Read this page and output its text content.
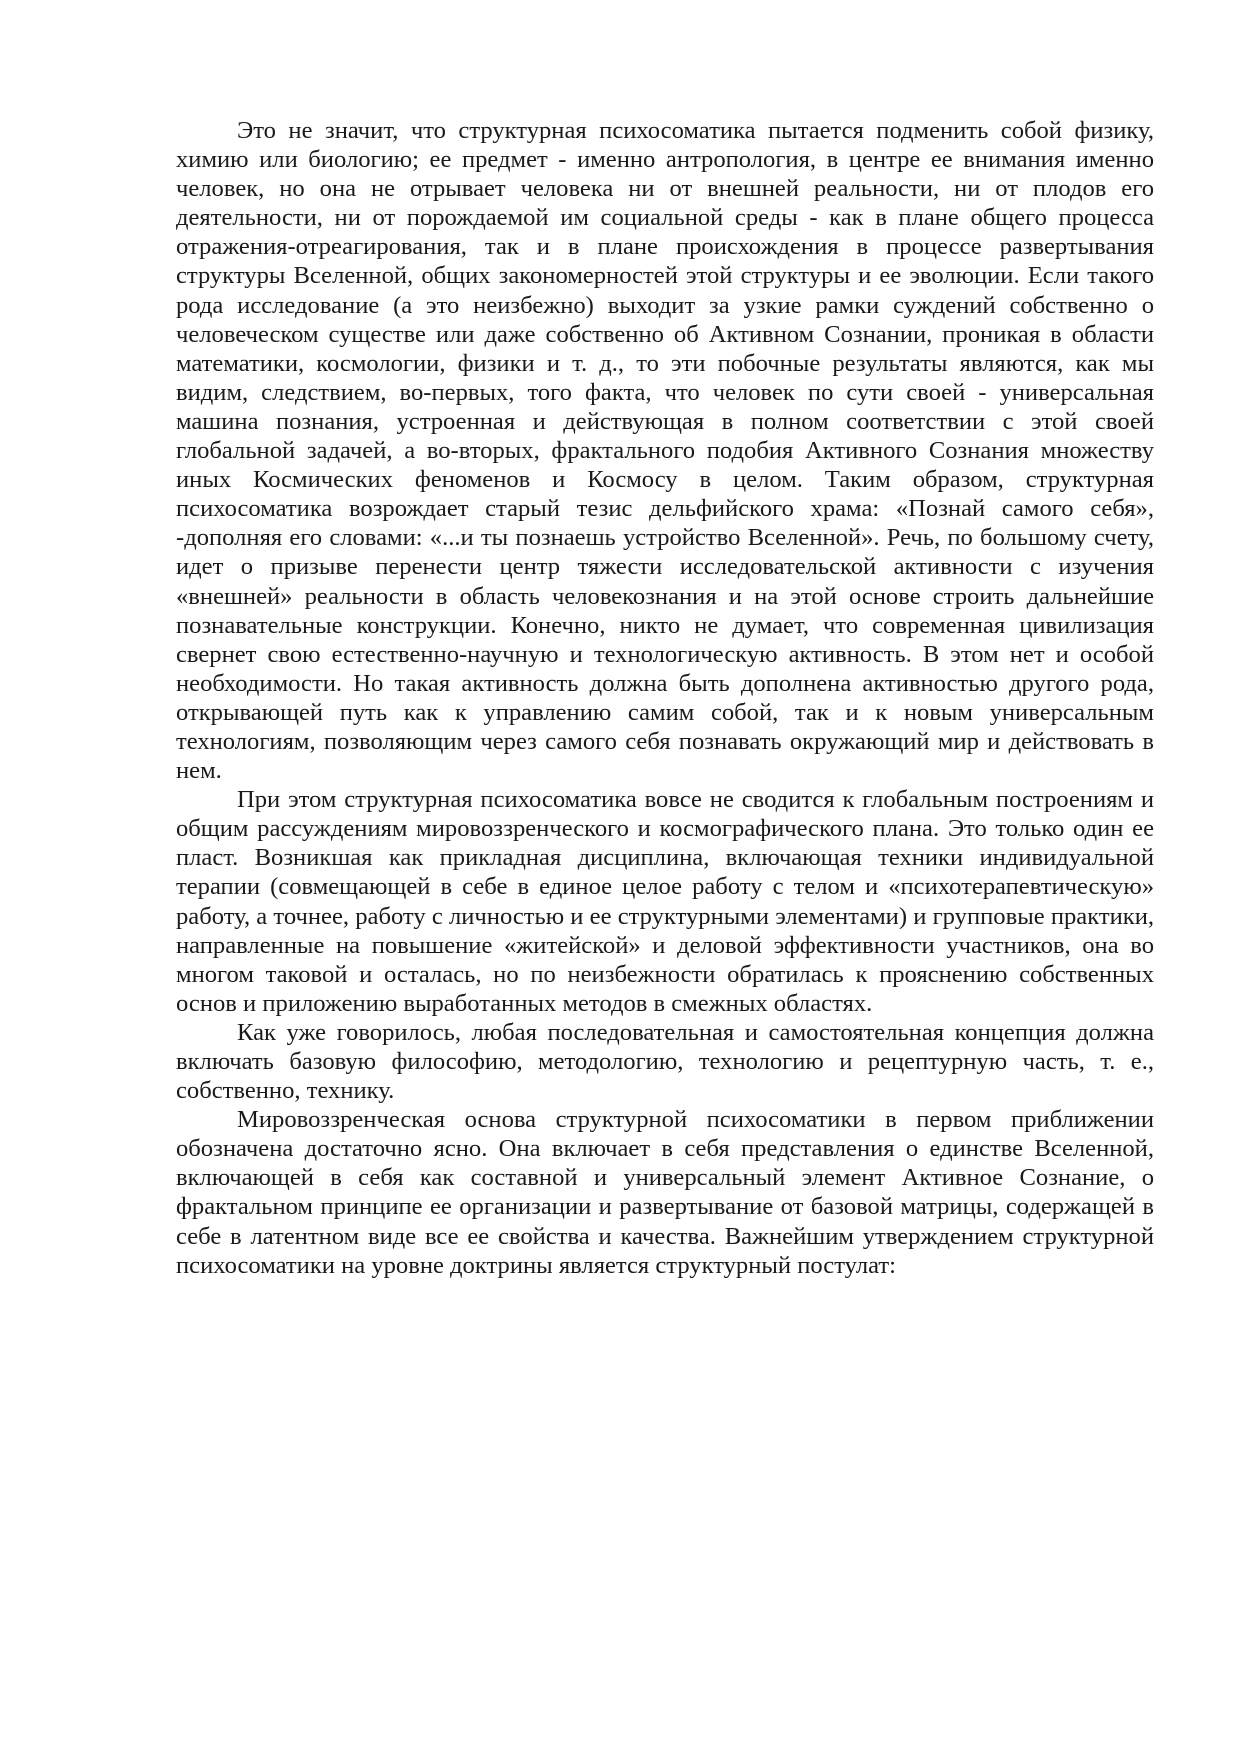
Это не значит, что структурная психосоматика пытается подменить собой физику, химию или биологию; ее предмет - именно антропология, в центре ее внимания именно человек, но она не отрывает человека ни от внешней реальности, ни от плодов его деятельности, ни от порождаемой им социальной среды - как в плане общего процесса отражения-отреагирования, так и в плане происхождения в процессе развертывания структуры Вселенной, общих закономерностей этой структуры и ее эволюции. Если такого рода исследование (а это неизбежно) выходит за узкие рамки суждений собственно о человеческом существе или даже собственно об Активном Сознании, проникая в области математики, космологии, физики и т. д., то эти побочные результаты являются, как мы видим, следствием, во-первых, того факта, что человек по сути своей - универсальная машина познания, устроенная и действующая в полном соответствии с этой своей глобальной задачей, а во-вторых, фрактального подобия Активного Сознания множеству иных Космических феноменов и Космосу в целом. Таким образом, структурная психосоматика возрождает старый тезис дельфийского храма: «Познай самого себя», -дополняя его словами: «...и ты познаешь устройство Вселенной». Речь, по большому счету, идет о призыве перенести центр тяжести исследовательской активности с изучения «внешней» реальности в область человекознания и на этой основе строить дальнейшие познавательные конструкции. Конечно, никто не думает, что современная цивилизация свернет свою естественно-научную и технологическую активность. В этом нет и особой необходимости. Но такая активность должна быть дополнена активностью другого рода, открывающей путь как к управлению самим собой, так и к новым универсальным технологиям, позволяющим через самого себя познавать окружающий мир и действовать в нем.

При этом структурная психосоматика вовсе не сводится к глобальным построениям и общим рассуждениям мировоззренческого и космографического плана. Это только один ее пласт. Возникшая как прикладная дисциплина, включающая техники индивидуальной терапии (совмещающей в себе в единое целое работу с телом и «психотерапевтическую» работу, а точнее, работу с личностью и ее структурными элементами) и групповые практики, направленные на повышение «житейской» и деловой эффективности участников, она во многом таковой и осталась, но по неизбежности обратилась к прояснению собственных основ и приложению выработанных методов в смежных областях.

Как уже говорилось, любая последовательная и самостоятельная концепция должна включать базовую философию, методологию, технологию и рецептурную часть, т. е., собственно, технику.

Мировоззренческая основа структурной психосоматики в первом приближении обозначена достаточно ясно. Она включает в себя представления о единстве Вселенной, включающей в себя как составной и универсальный элемент Активное Сознание, о фрактальном принципе ее организации и развертывание от базовой матрицы, содержащей в себе в латентном виде все ее свойства и качества. Важнейшим утверждением структурной психосоматики на уровне доктрины является структурный постулат:
